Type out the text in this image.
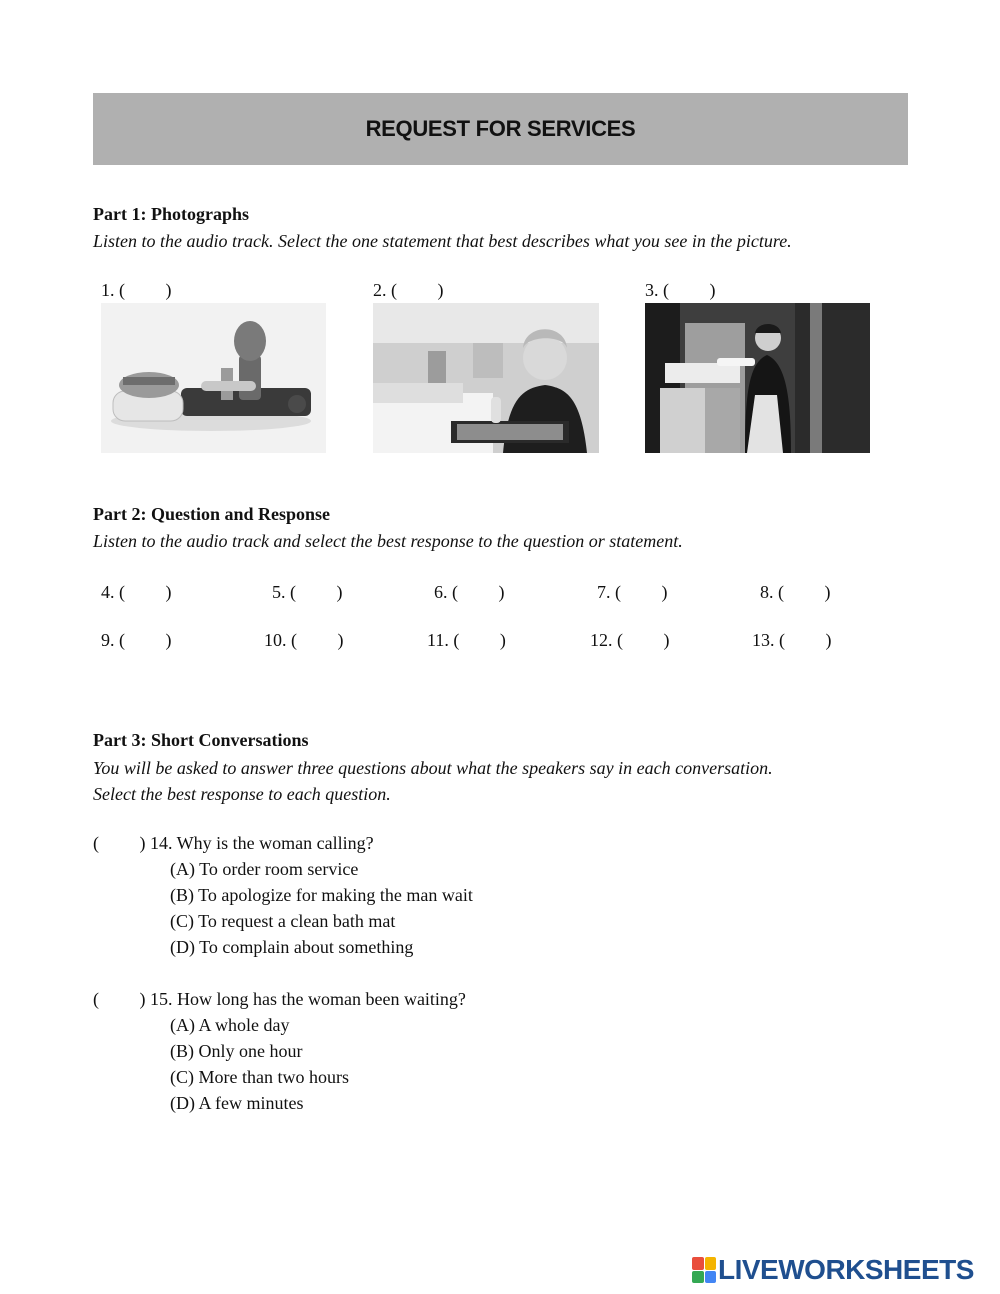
REQUEST FOR SERVICES
Part 1: Photographs
Listen to the audio track. Select the one statement that best describes what you see in the picture.
1. (         )	2. (         )	3. (         )
Part 2: Question and Response
Listen to the audio track and select the best response to the question or statement.
4. (         )	5. (         )	6. (         )	7. (         )	8. (         )
9. (         )	10. (         )	11. (         )	12. (         )	13. (         )
Part 3: Short Conversations
You will be asked to answer three questions about what the speakers say in each conversation.
Select the best response to each question.
(         ) 14. Why is the woman calling?
(A) To order room service
(B) To apologize for making the man wait
(C) To request a clean bath mat
(D) To complain about something
(         ) 15. How long has the woman been waiting?
(A) A whole day
(B) Only one hour
(C) More than two hours
(D) A few minutes
LIVEWORKSHEETS
